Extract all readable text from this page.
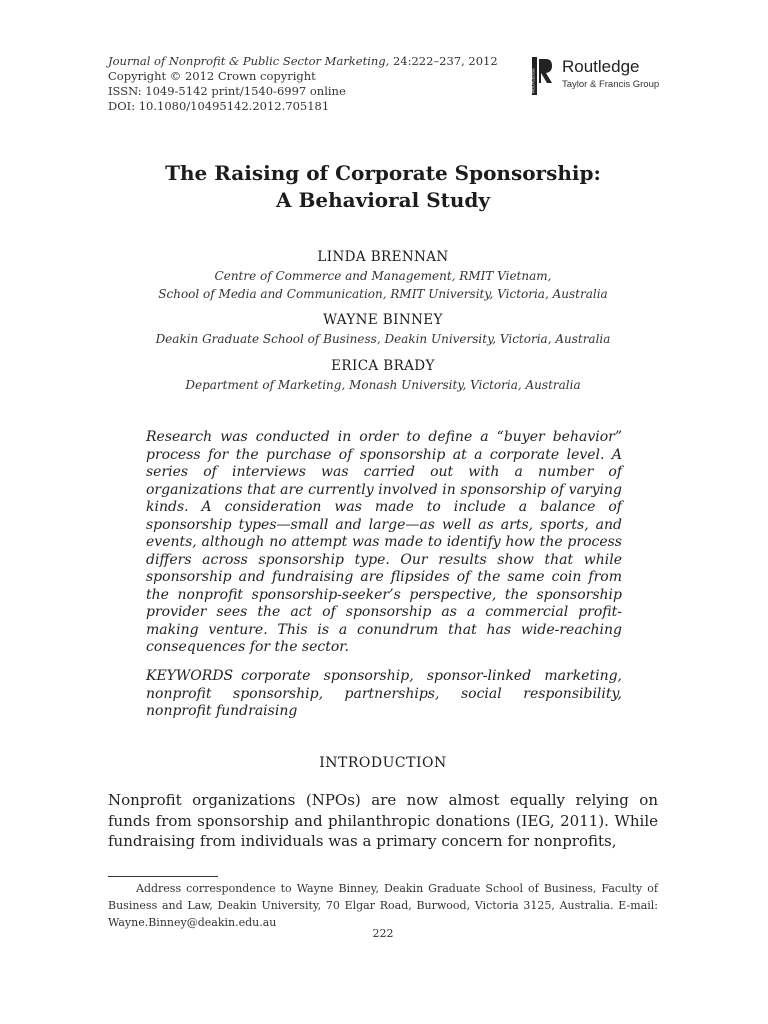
Journal of Nonprofit & Public Sector Marketing, 24:222–237, 2012
Copyright © 2012 Crown copyright
ISSN: 1049-5142 print/1540-6997 online
DOI: 10.1080/10495142.2012.705181
ROUTLEDGE
Routledge
Taylor & Francis Group
The Raising of Corporate Sponsorship:
A Behavioral Study
LINDA BRENNAN
Centre of Commerce and Management, RMIT Vietnam,
School of Media and Communication, RMIT University, Victoria, Australia
WAYNE BINNEY
Deakin Graduate School of Business, Deakin University, Victoria, Australia
ERICA BRADY
Department of Marketing, Monash University, Victoria, Australia
Research was conducted in order to define a “buyer behavior” process for the purchase of sponsorship at a corporate level. A series of interviews was carried out with a number of organizations that are currently involved in sponsorship of varying kinds. A consideration was made to include a balance of sponsorship types—small and large—as well as arts, sports, and events, although no attempt was made to identify how the process differs across sponsorship type. Our results show that while sponsorship and fundraising are flipsides of the same coin from the nonprofit sponsorship-seeker’s perspective, the sponsorship provider sees the act of sponsorship as a commercial profit-making venture. This is a conundrum that has wide-reaching consequences for the sector.
KEYWORDS corporate sponsorship, sponsor-linked marketing, nonprofit sponsorship, partnerships, social responsibility, nonprofit fundraising
INTRODUCTION
Nonprofit organizations (NPOs) are now almost equally relying on funds from sponsorship and philanthropic donations (IEG, 2011). While fundraising from individuals was a primary concern for nonprofits,
Address correspondence to Wayne Binney, Deakin Graduate School of Business, Faculty of Business and Law, Deakin University, 70 Elgar Road, Burwood, Victoria 3125, Australia. E-mail: Wayne.Binney@deakin.edu.au
222
